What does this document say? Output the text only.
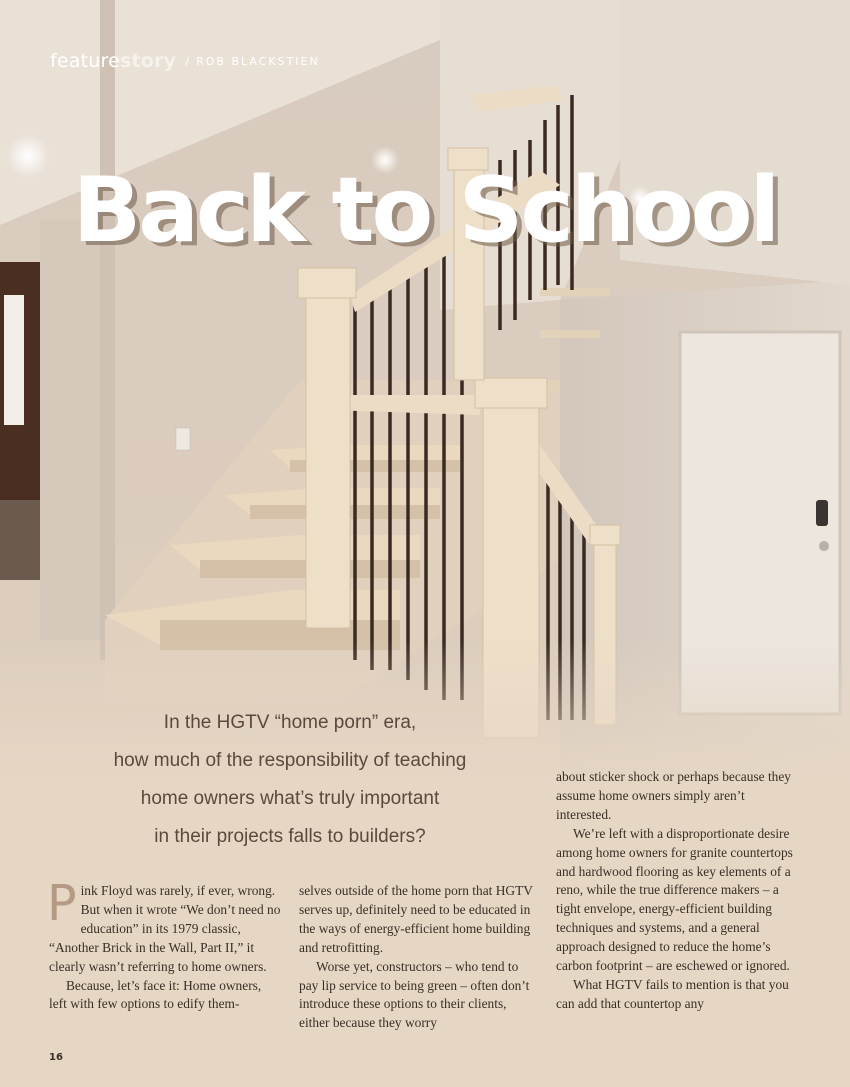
featurestory / ROB BLACKSTIEN
Back to School
In the HGTV “home porn” era,
how much of the responsibility of teaching
home owners what’s truly important
in their projects falls to builders?

Pink Floyd was rarely, if ever, wrong. But when it wrote “We don’t need no education” in its 1979 classic, “Another Brick in the Wall, Part II,” it clearly wasn’t referring to home owners.

Because, let’s face it: Home owners, left with few options to edify them-

selves outside of the home porn that HGTV serves up, definitely need to be educated in the ways of energy-efficient home building and retrofitting.

Worse yet, constructors – who tend to pay lip service to being green – often don’t introduce these options to their clients, either because they worry

about sticker shock or perhaps because they assume home owners simply aren’t interested.

We’re left with a disproportionate desire among home owners for granite countertops and hardwood flooring as key elements of a reno, while the true difference makers – a tight envelope, energy-efficient building techniques and systems, and a general approach designed to reduce the home’s carbon footprint – are eschewed or ignored.

What HGTV fails to mention is that you can add that countertop any

16
